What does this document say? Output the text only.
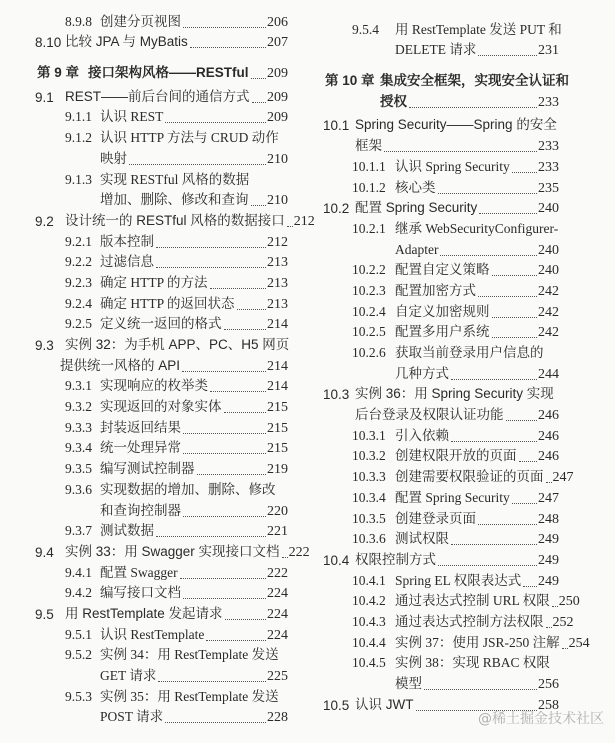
8.9.8 创建分页视图	206
8.10 比较 JPA 与 MyBatis	207
第 9 章 接口架构风格——RESTful 209
9.1 REST——前后台间的通信方式 209
9.1.1 认识 REST	209
9.1.2 认识 HTTP 方法与 CRUD 动作
映射	210
9.1.3 实现 RESTful 风格的数据
增加、删除、修改和查询 210
9.2 设计统一的 RESTful 风格的数据接口 212
9.2.1 版本控制	212
9.2.2 过滤信息	213
9.2.3 确定 HTTP 的方法	213
9.2.4 确定 HTTP 的返回状态 213
9.2.5 定义统一返回的格式	214
9.3 实例 32：为手机 APP、PC、H5 网页
提供统一风格的 API	214
9.3.1 实现响应的枚举类	214
9.3.2 实现返回的对象实体	215
9.3.3 封装返回结果	215
9.3.4 统一处理异常	215
9.3.5 编写测试控制器	219
9.3.6 实现数据的增加、删除、修改
和查询控制器	220
9.3.7 测试数据	221
9.4 实例 33：用 Swagger 实现接口文档 222
9.4.1 配置 Swagger	222
9.4.2 编写接口文档	224
9.5 用 RestTemplate 发起请求	224
9.5.1 认识 RestTemplate	224
9.5.2 实例 34：用 RestTemplate 发送
GET 请求	225
9.5.3 实例 35：用 RestTemplate 发送
POST 请求	228
9.5.4 用 RestTemplate 发送 PUT 和
DELETE 请求	231
第 10 章 集成安全框架，实现安全认证和
授权	233
10.1 Spring Security——Spring 的安全
框架	233
10.1.1 认识 Spring Security 233
10.1.2 核心类	235
10.2 配置 Spring Security	240
10.2.1 继承 WebSecurityConfigurer-
Adapter	240
10.2.2 配置自定义策略	240
10.2.3 配置加密方式	242
10.2.4 自定义加密规则	242
10.2.5 配置多用户系统	242
10.2.6 获取当前登录用户信息的
几种方式	244
10.3 实例 36：用 Spring Security 实现
后台登录及权限认证功能 246
10.3.1 引入依赖	246
10.3.2 创建权限开放的页面 246
10.3.3 创建需要权限验证的页面 247
10.3.4 配置 Spring Security 247
10.3.5 创建登录页面	248
10.3.6 测试权限	249
10.4 权限控制方式	249
10.4.1 Spring EL 权限表达式 249
10.4.2 通过表达式控制 URL 权限 250
10.4.3 通过表达式控制方法权限 252
10.4.4 实例 37：使用 JSR-250 注解 254
10.4.5 实例 38：实现 RBAC 权限
模型	256
10.5 认识 JWT	258
@稀土掘金技术社区
